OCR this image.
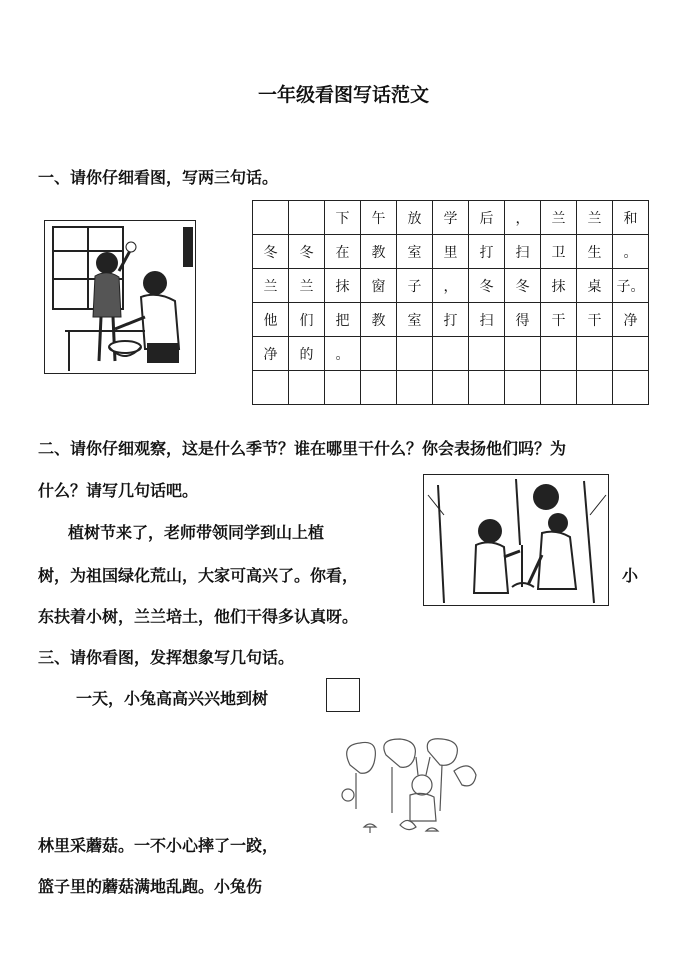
一年级看图写话范文
一、请你仔细看图，写两三句话。
		下	午	放	学	后	，	兰	兰	和
冬	冬	在	教	室	里	打	扫	卫	生	。
兰	兰	抹	窗	子	，	冬	冬	抹	桌	子。
他	们	把	教	室	打	扫	得	干	干	净
净	的	。								

二、请你仔细观察，这是什么季节？谁在哪里干什么？你会表扬他们吗？为
什么？请写几句话吧。
植树节来了，老师带领同学到山上植
树，为祖国绿化荒山，大家可高兴了。你看，	小
东扶着小树，兰兰培土，他们干得多认真呀。
三、请你看图，发挥想象写几句话。
一天，小兔高高兴兴地到树
林里采蘑菇。一不小心摔了一跤，
篮子里的蘑菇满地乱跑。小兔伤
